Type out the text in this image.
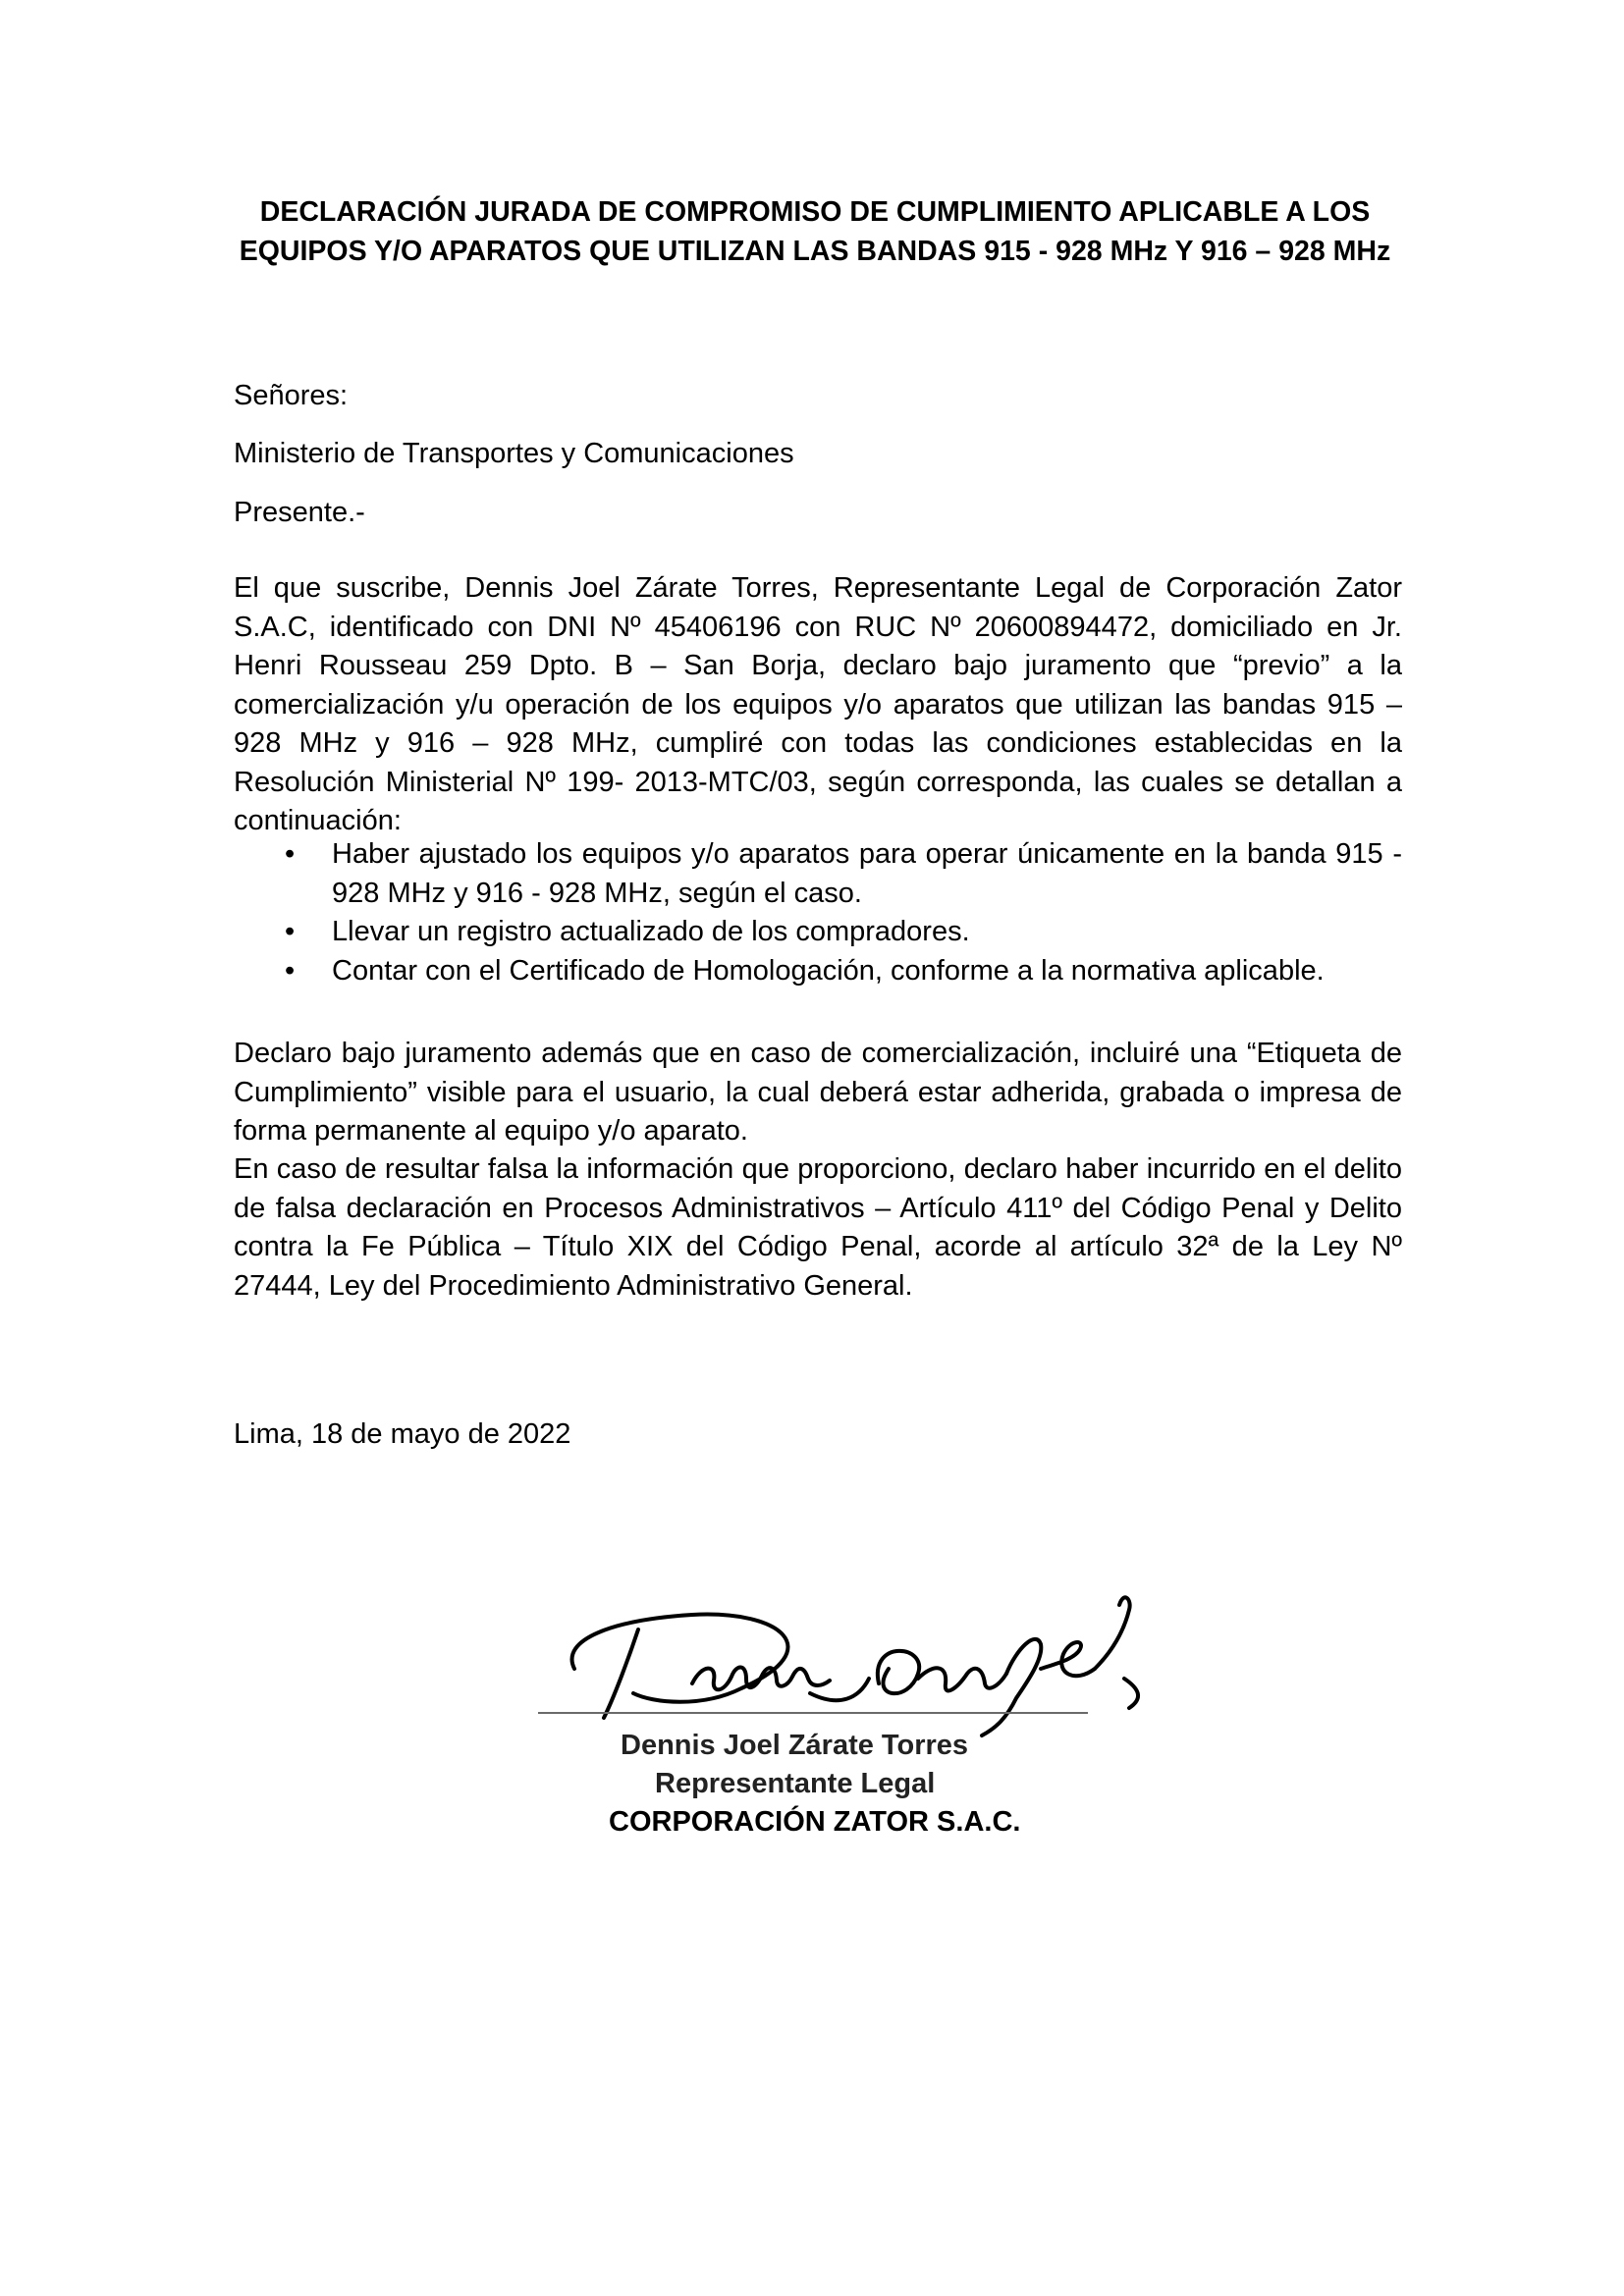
DECLARACIÓN JURADA DE COMPROMISO DE CUMPLIMIENTO APLICABLE A LOS EQUIPOS Y/O APARATOS QUE UTILIZAN LAS BANDAS 915 - 928 MHz Y 916 – 928 MHz
Señores:
Ministerio de Transportes y Comunicaciones
Presente.-
El que suscribe, Dennis Joel Zárate Torres, Representante Legal de Corporación Zator S.A.C, identificado con DNI Nº 45406196 con RUC Nº 20600894472, domiciliado en Jr. Henri Rousseau 259 Dpto. B – San Borja, declaro bajo juramento que “previo” a la comercialización y/u operación de los equipos y/o aparatos que utilizan las bandas 915 – 928 MHz y 916 – 928 MHz, cumpliré con todas las condiciones establecidas en la Resolución Ministerial Nº 199- 2013-MTC/03, según corresponda, las cuales se detallan a continuación:
• Haber ajustado los equipos y/o aparatos para operar únicamente en la banda 915 - 928 MHz y 916 - 928 MHz, según el caso.
• Llevar un registro actualizado de los compradores.
• Contar con el Certificado de Homologación, conforme a la normativa aplicable.
Declaro bajo juramento además que en caso de comercialización, incluiré una “Etiqueta de Cumplimiento” visible para el usuario, la cual deberá estar adherida, grabada o impresa de forma permanente al equipo y/o aparato.
En caso de resultar falsa la información que proporciono, declaro haber incurrido en el delito de falsa declaración en Procesos Administrativos – Artículo 411º del Código Penal y Delito contra la Fe Pública – Título XIX del Código Penal, acorde al artículo 32ª de la Ley Nº 27444, Ley del Procedimiento Administrativo General.
Lima, 18 de mayo de 2022
Dennis Joel Zárate Torres
Representante Legal
CORPORACIÓN ZATOR S.A.C.
